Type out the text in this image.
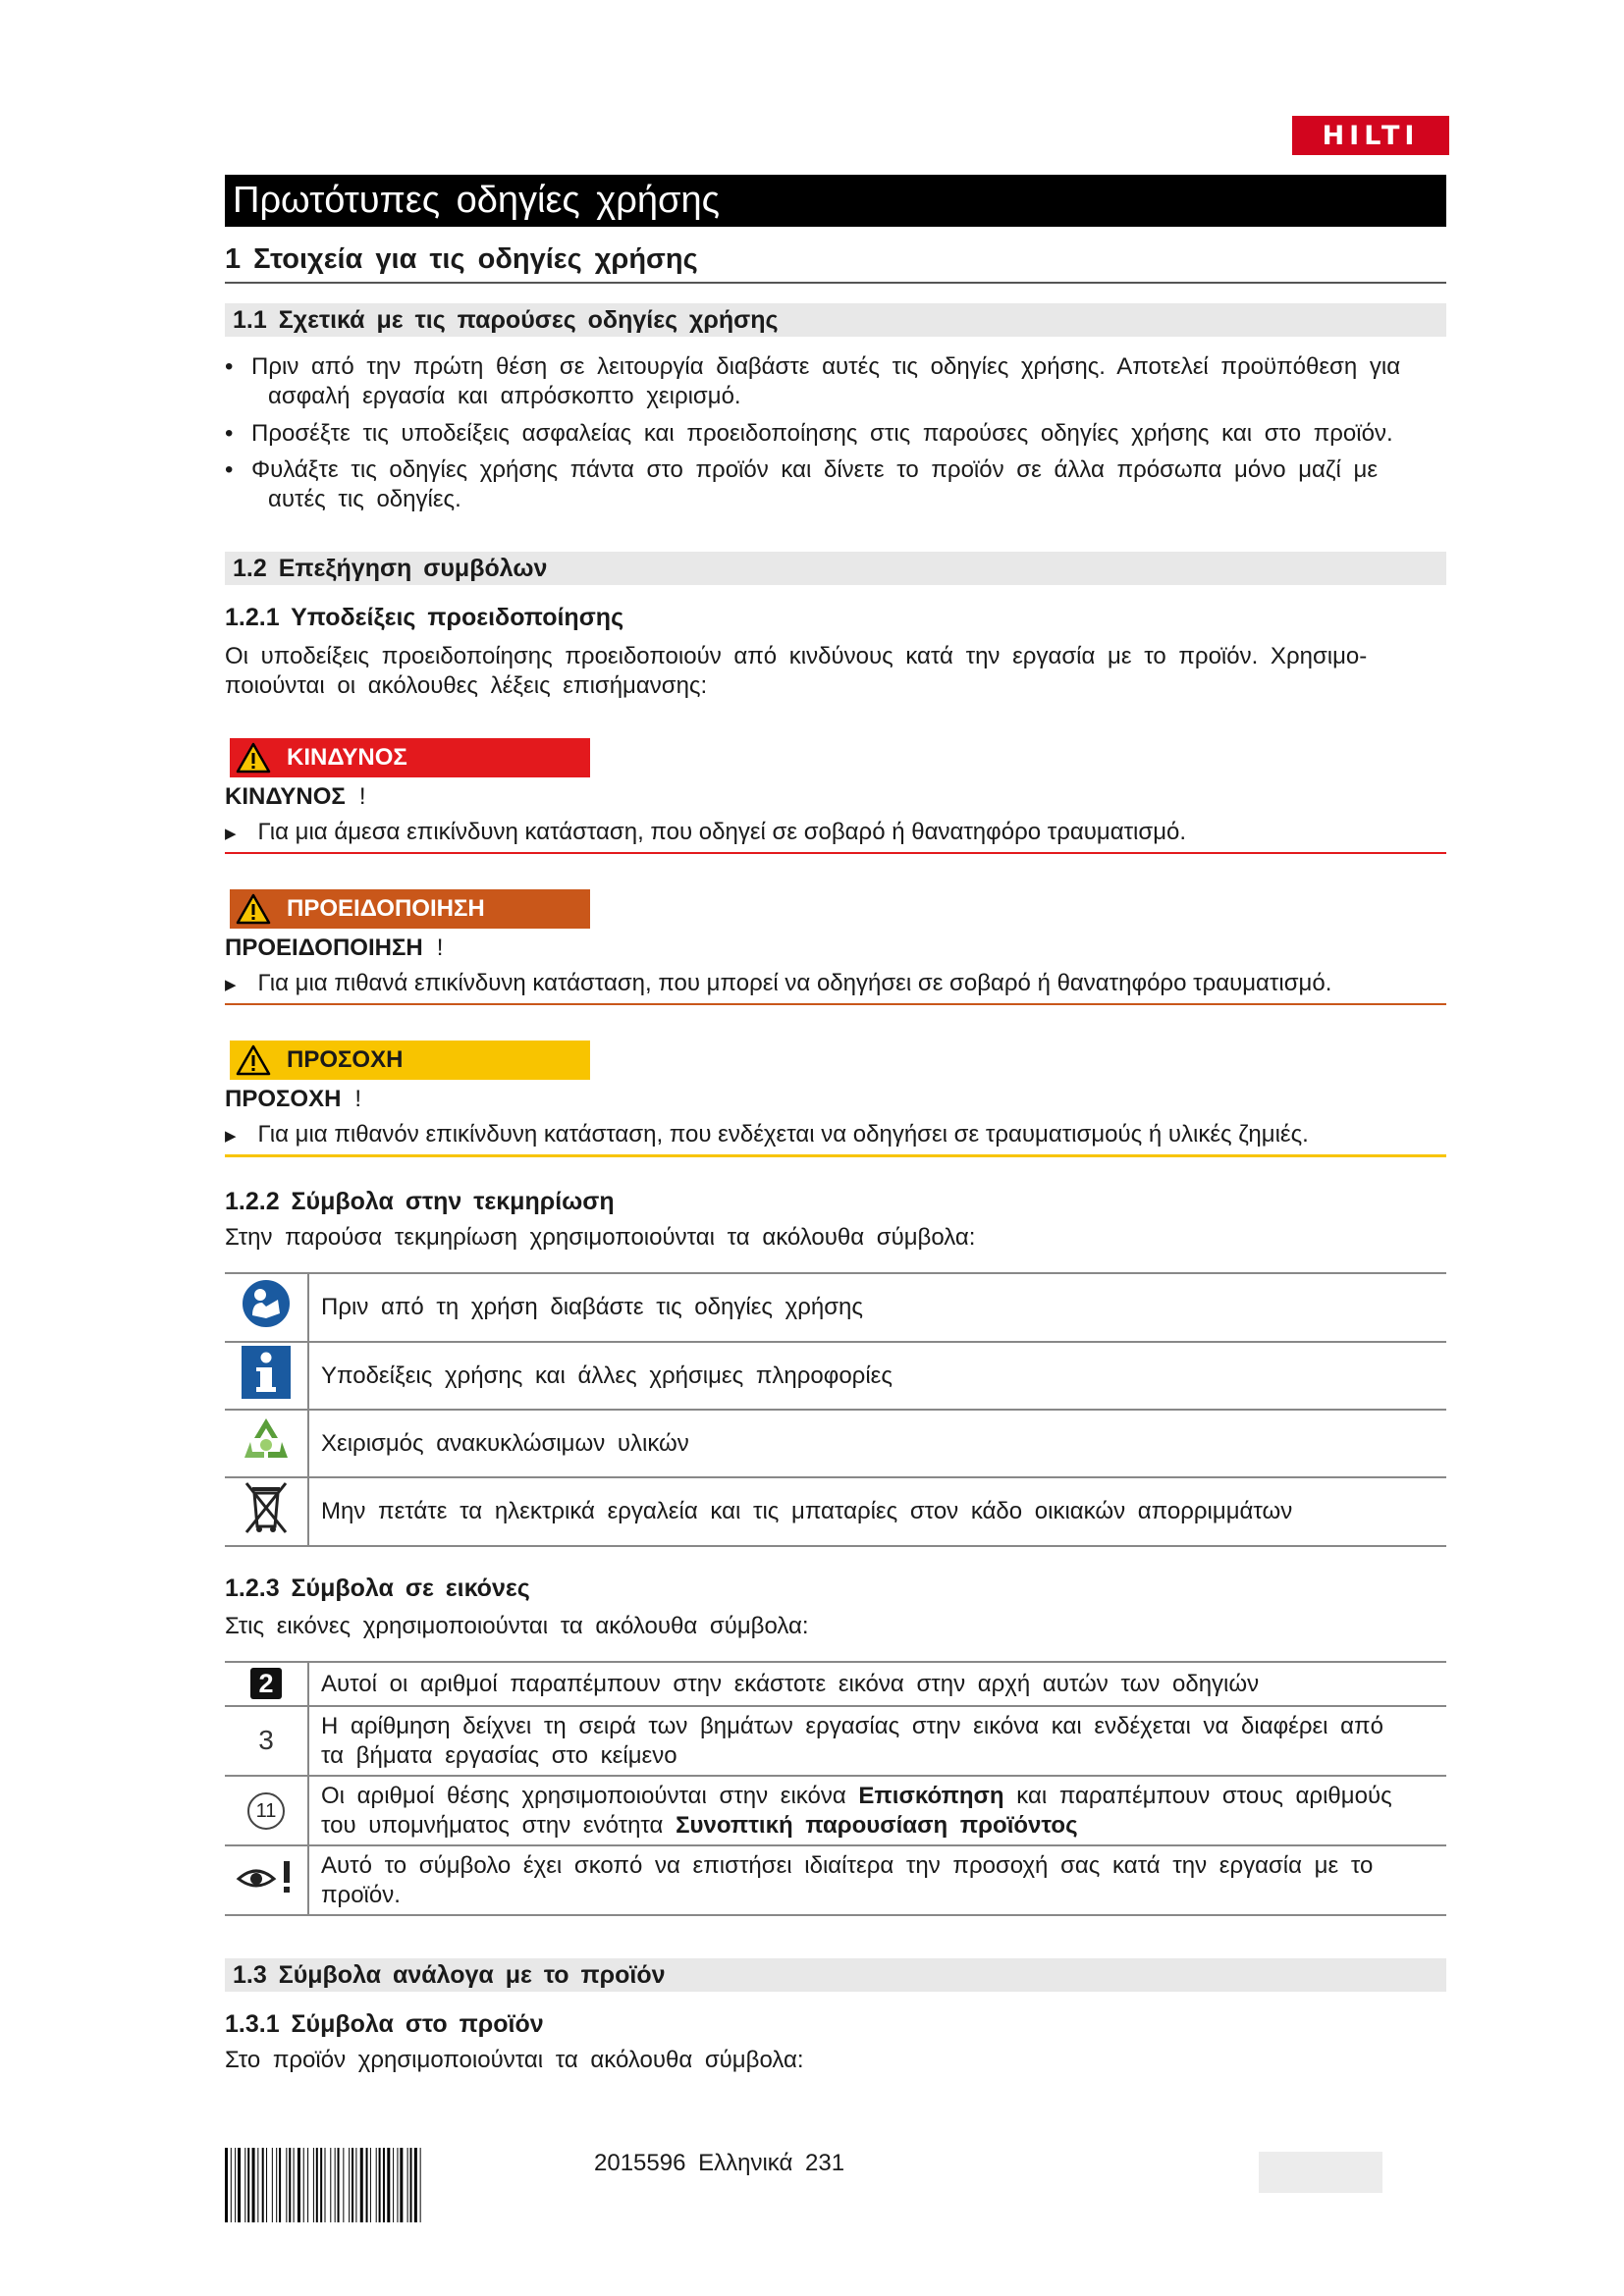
HILTI
Πρωτότυπες οδηγίες χρήσης
1 Στοιχεία για τις οδηγίες χρήσης
1.1 Σχετικά με τις παρούσες οδηγίες χρήσης
• Πριν από την πρώτη θέση σε λειτουργία διαβάστε αυτές τις οδηγίες χρήσης. Αποτελεί προϋπόθεση για
ασφαλή εργασία και απρόσκοπτο χειρισμό.
• Προσέξτε τις υποδείξεις ασφαλείας και προειδοποίησης στις παρούσες οδηγίες χρήσης και στο προϊόν.
• Φυλάξτε τις οδηγίες χρήσης πάντα στο προϊόν και δίνετε το προϊόν σε άλλα πρόσωπα μόνο μαζί με
αυτές τις οδηγίες.
1.2 Επεξήγηση συμβόλων
1.2.1 Υποδείξεις προειδοποίησης
Οι υποδείξεις προειδοποίησης προειδοποιούν από κινδύνους κατά την εργασία με το προϊόν. Χρησιμο-
ποιούνται οι ακόλουθες λέξεις επισήμανσης:
ΚΙΝΔΥΝΟΣ
ΚΙΝΔΥΝΟΣ !
▶ Για μια άμεσα επικίνδυνη κατάσταση, που οδηγεί σε σοβαρό ή θανατηφόρο τραυματισμό.
ΠΡΟΕΙΔΟΠΟΙΗΣΗ
ΠΡΟΕΙΔΟΠΟΙΗΣΗ !
▶ Για μια πιθανά επικίνδυνη κατάσταση, που μπορεί να οδηγήσει σε σοβαρό ή θανατηφόρο τραυματισμό.
ΠΡΟΣΟΧΗ
ΠΡΟΣΟΧΗ !
▶ Για μια πιθανόν επικίνδυνη κατάσταση, που ενδέχεται να οδηγήσει σε τραυματισμούς ή υλικές ζημιές.
1.2.2 Σύμβολα στην τεκμηρίωση
Στην παρούσα τεκμηρίωση χρησιμοποιούνται τα ακόλουθα σύμβολα:
	Πριν από τη χρήση διαβάστε τις οδηγίες χρήσης
	Υποδείξεις χρήσης και άλλες χρήσιμες πληροφορίες
	Χειρισμός ανακυκλώσιμων υλικών
	Μην πετάτε τα ηλεκτρικά εργαλεία και τις μπαταρίες στον κάδο οικιακών απορριμμάτων
1.2.3 Σύμβολα σε εικόνες
Στις εικόνες χρησιμοποιούνται τα ακόλουθα σύμβολα:
2	Αυτοί οι αριθμοί παραπέμπουν στην εκάστοτε εικόνα στην αρχή αυτών των οδηγιών
3	Η αρίθμηση δείχνει τη σειρά των βημάτων εργασίας στην εικόνα και ενδέχεται να διαφέρει από
τα βήματα εργασίας στο κείμενο

11	Οι αριθμοί θέσης χρησιμοποιούνται στην εικόνα Επισκόπηση και παραπέμπουν στους αριθμούς
του υπομνήματος στην ενότητα Συνοπτική παρουσίαση προϊόντος

Αυτό το σύμβολο έχει σκοπό να επιστήσει ιδιαίτερα την προσοχή σας κατά την εργασία με το
προϊόν.
1.3 Σύμβολα ανάλογα με το προϊόν
1.3.1 Σύμβολα στο προϊόν
Στο προϊόν χρησιμοποιούνται τα ακόλουθα σύμβολα:
2015596 Ελληνικά 231
